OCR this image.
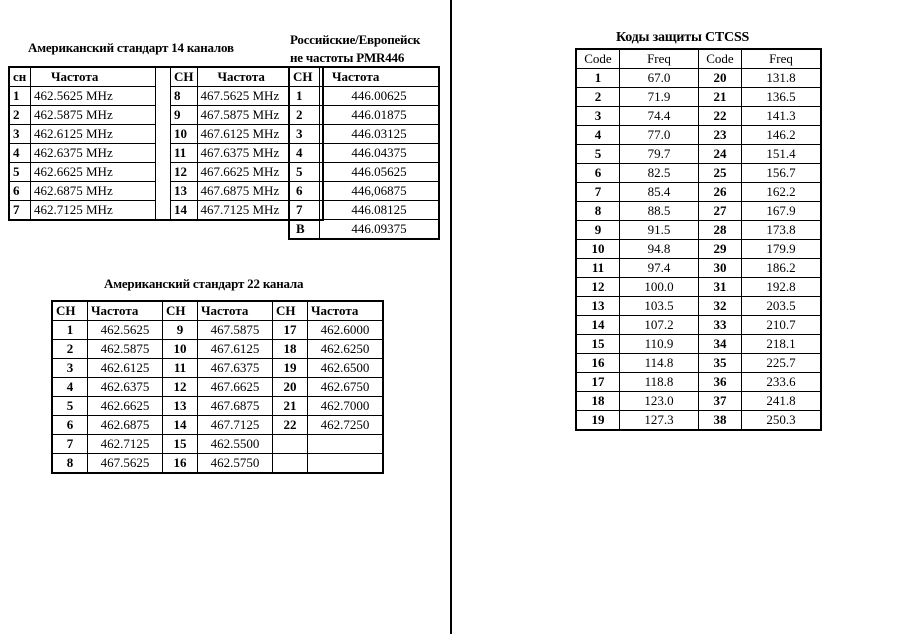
Американский стандарт 14 каналов
сн	Частота		СН	Частота
1	462.5625 MHz		8	467.5625 MHz
2	462.5875 MHz		9	467.5875 MHz
3	462.6125 MHz		10	467.6125 MHz
4	462.6375 MHz		11	467.6375 MHz
5	462.6625 MHz		12	467.6625 MHz
6	462.6875 MHz		13	467.6875 MHz
7	462.7125 MHz		14	467.7125 MHz
Российские/Европейск
не частоты PMR446
СН	Частота
1	446.00625
2	446.01875
3	446.03125
4	446.04375
5	446.05625
6	446,06875
7	446.08125
В	446.09375
Американский стандарт 22 канала
СН	Частота	СН	Частота	СН	Частота
1	462.5625	9	467.5875	17	462.6000
2	462.5875	10	467.6125	18	462.6250
3	462.6125	11	467.6375	19	462.6500
4	462.6375	12	467.6625	20	462.6750
5	462.6625	13	467.6875	21	462.7000
6	462.6875	14	467.7125	22	462.7250
7	462.7125	15	462.5500		
8	467.5625	16	462.5750		
Коды защиты CTCSS
Code	Freq	Code	Freq
1	67.0	20	131.8
2	71.9	21	136.5
3	74.4	22	141.3
4	77.0	23	146.2
5	79.7	24	151.4
6	82.5	25	156.7
7	85.4	26	162.2
8	88.5	27	167.9
9	91.5	28	173.8
10	94.8	29	179.9
11	97.4	30	186.2
12	100.0	31	192.8
13	103.5	32	203.5
14	107.2	33	210.7
15	110.9	34	218.1
16	114.8	35	225.7
17	118.8	36	233.6
18	123.0	37	241.8
19	127.3	38	250.3
